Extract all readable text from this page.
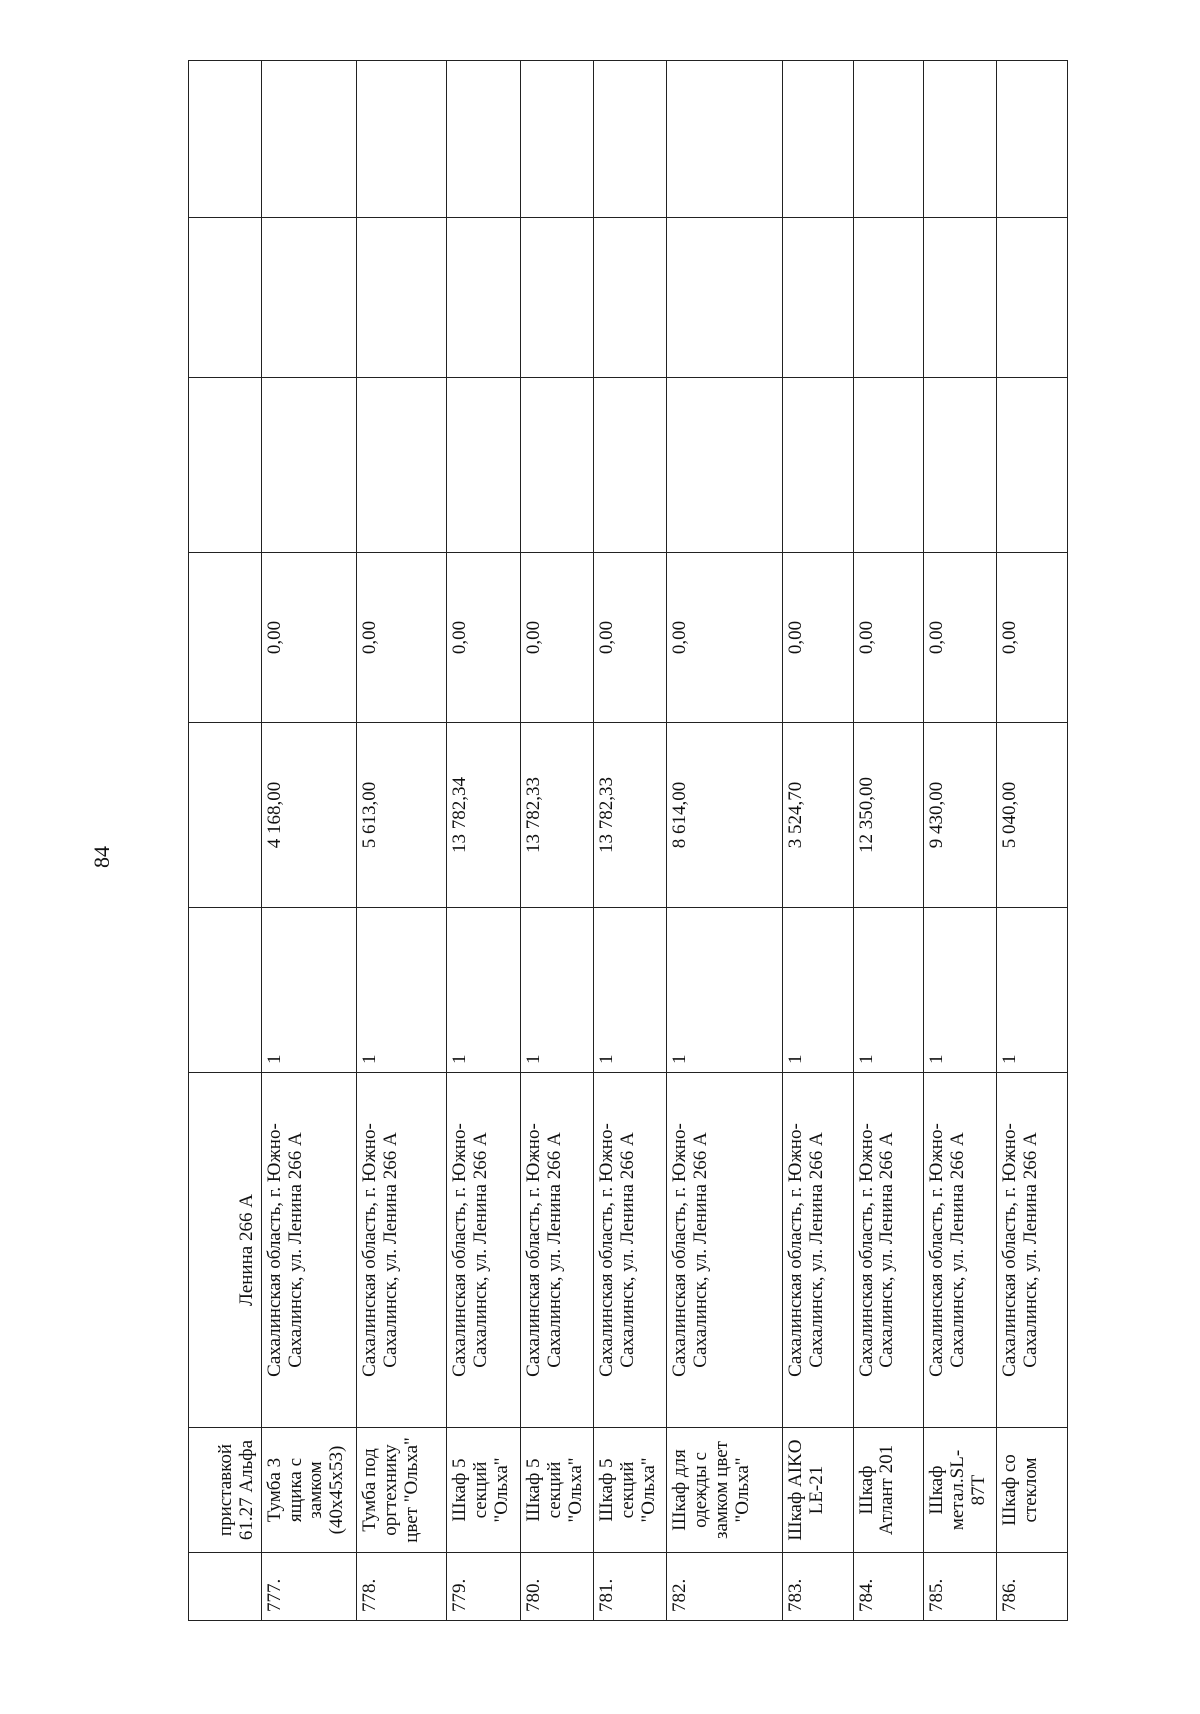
84
	приставкой 61.27 Альфа	Ленина 266 А						
777.	Тумба 3 ящика с замком (40х45х53)	Сахалинская область, г. Южно-Сахалинск, ул. Ленина 266 А	1	4 168,00	0,00			
778.	Тумба под оргтехнику цвет "Ольха"	Сахалинская область, г. Южно-Сахалинск, ул. Ленина 266 А	1	5 613,00	0,00			
779.	Шкаф 5 секций "Ольха"	Сахалинская область, г. Южно-Сахалинск, ул. Ленина 266 А	1	13 782,34	0,00			
780.	Шкаф 5 секций "Ольха"	Сахалинская область, г. Южно-Сахалинск, ул. Ленина 266 А	1	13 782,33	0,00			
781.	Шкаф 5 секций "Ольха"	Сахалинская область, г. Южно-Сахалинск, ул. Ленина 266 А	1	13 782,33	0,00			
782.	Шкаф для одежды с замком цвет "Ольха"	Сахалинская область, г. Южно-Сахалинск, ул. Ленина 266 А	1	8 614,00	0,00			
783.	Шкаф AIKO LE-21	Сахалинская область, г. Южно-Сахалинск, ул. Ленина 266 А	1	3 524,70	0,00			
784.	Шкаф Атлант 201	Сахалинская область, г. Южно-Сахалинск, ул. Ленина 266 А	1	12 350,00	0,00			
785.	Шкаф метал.SL-87T	Сахалинская область, г. Южно-Сахалинск, ул. Ленина 266 А	1	9 430,00	0,00			
786.	Шкаф со стеклом	Сахалинская область, г. Южно-Сахалинск, ул. Ленина 266 А	1	5 040,00	0,00			
